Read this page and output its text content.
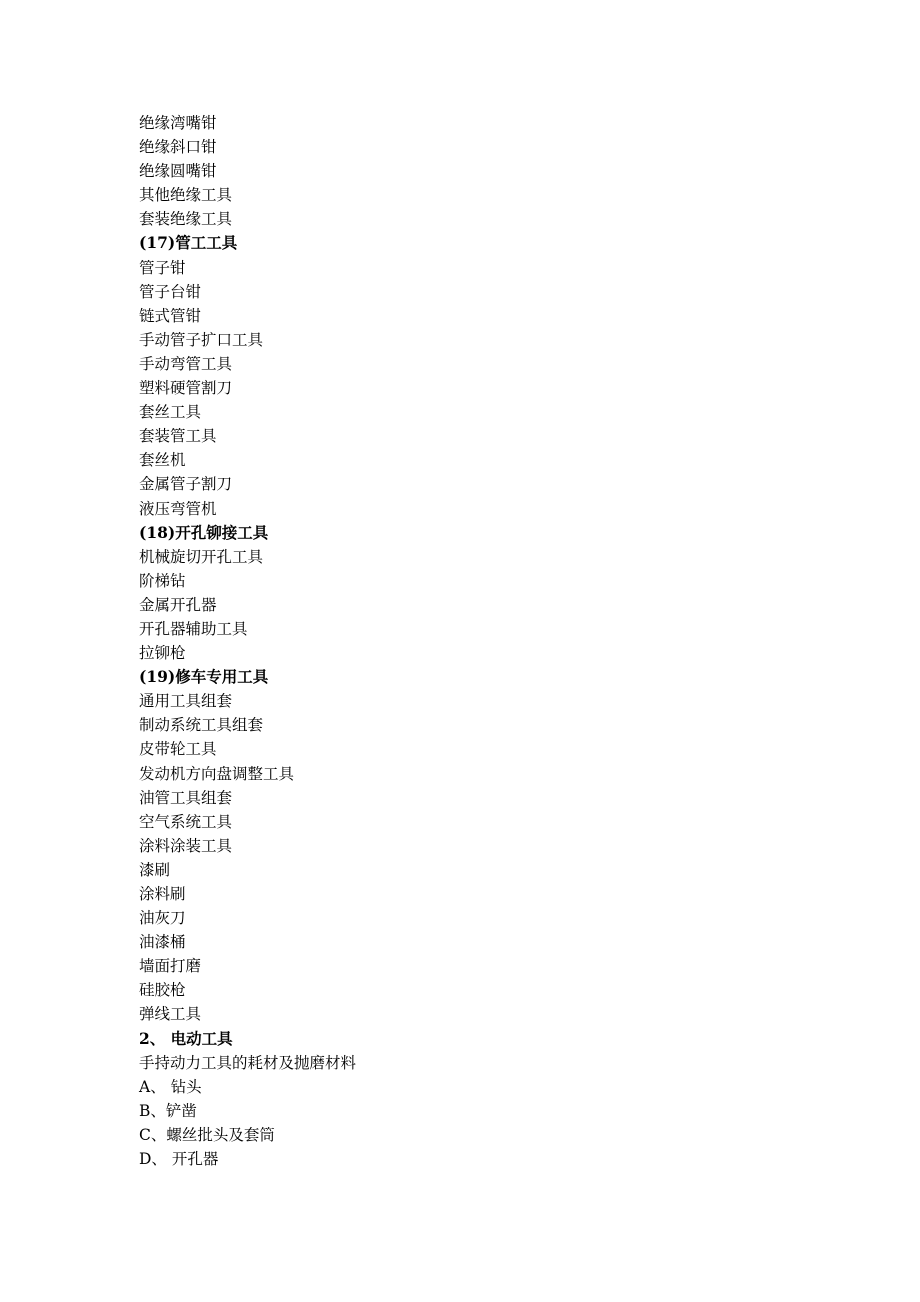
绝缘湾嘴钳
绝缘斜口钳
绝缘圆嘴钳
其他绝缘工具
套装绝缘工具
(17)管工工具
管子钳
管子台钳
链式管钳
手动管子扩口工具
手动弯管工具
塑料硬管割刀
套丝工具
套装管工具
套丝机
金属管子割刀
液压弯管机
(18)开孔铆接工具
机械旋切开孔工具
阶梯钻
金属开孔器
开孔器辅助工具
拉铆枪
(19)修车专用工具
通用工具组套
制动系统工具组套
皮带轮工具
发动机方向盘调整工具
油管工具组套
空气系统工具
涂料涂装工具
漆刷
涂料刷
油灰刀
油漆桶
墙面打磨
硅胶枪
弹线工具
2、 电动工具
手持动力工具的耗材及抛磨材料
A、 钻头
B、铲凿
C、螺丝批头及套筒
D、 开孔器
